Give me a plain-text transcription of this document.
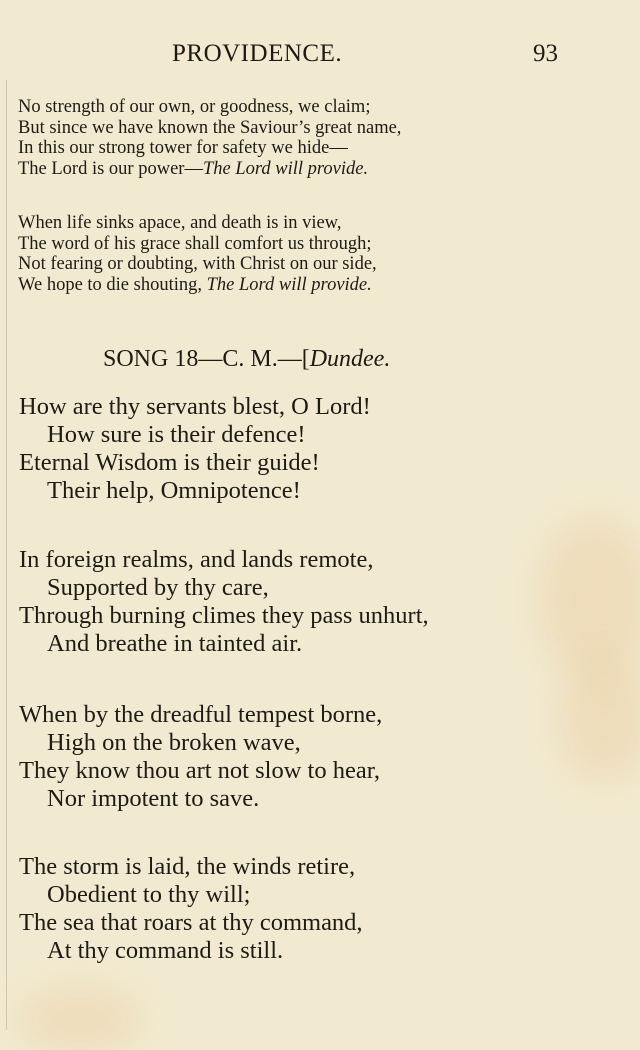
PROVIDENCE.	93
No strength of our own, or goodness, we claim;
But since we have known the Saviour’s great name,
In this our strong tower for safety we hide—
The Lord is our power—The Lord will provide.
When life sinks apace, and death is in view,
The word of his grace shall comfort us through;
Not fearing or doubting, with Christ on our side,
We hope to die shouting, The Lord will provide.
SONG 18—C. M.—[Dundee.
How are thy servants blest, O Lord!
How sure is their defence!
Eternal Wisdom is their guide!
Their help, Omnipotence!
In foreign realms, and lands remote,
Supported by thy care,
Through burning climes they pass unhurt,
And breathe in tainted air.
When by the dreadful tempest borne,
High on the broken wave,
They know thou art not slow to hear,
Nor impotent to save.
The storm is laid, the winds retire,
Obedient to thy will;
The sea that roars at thy command,
At thy command is still.
